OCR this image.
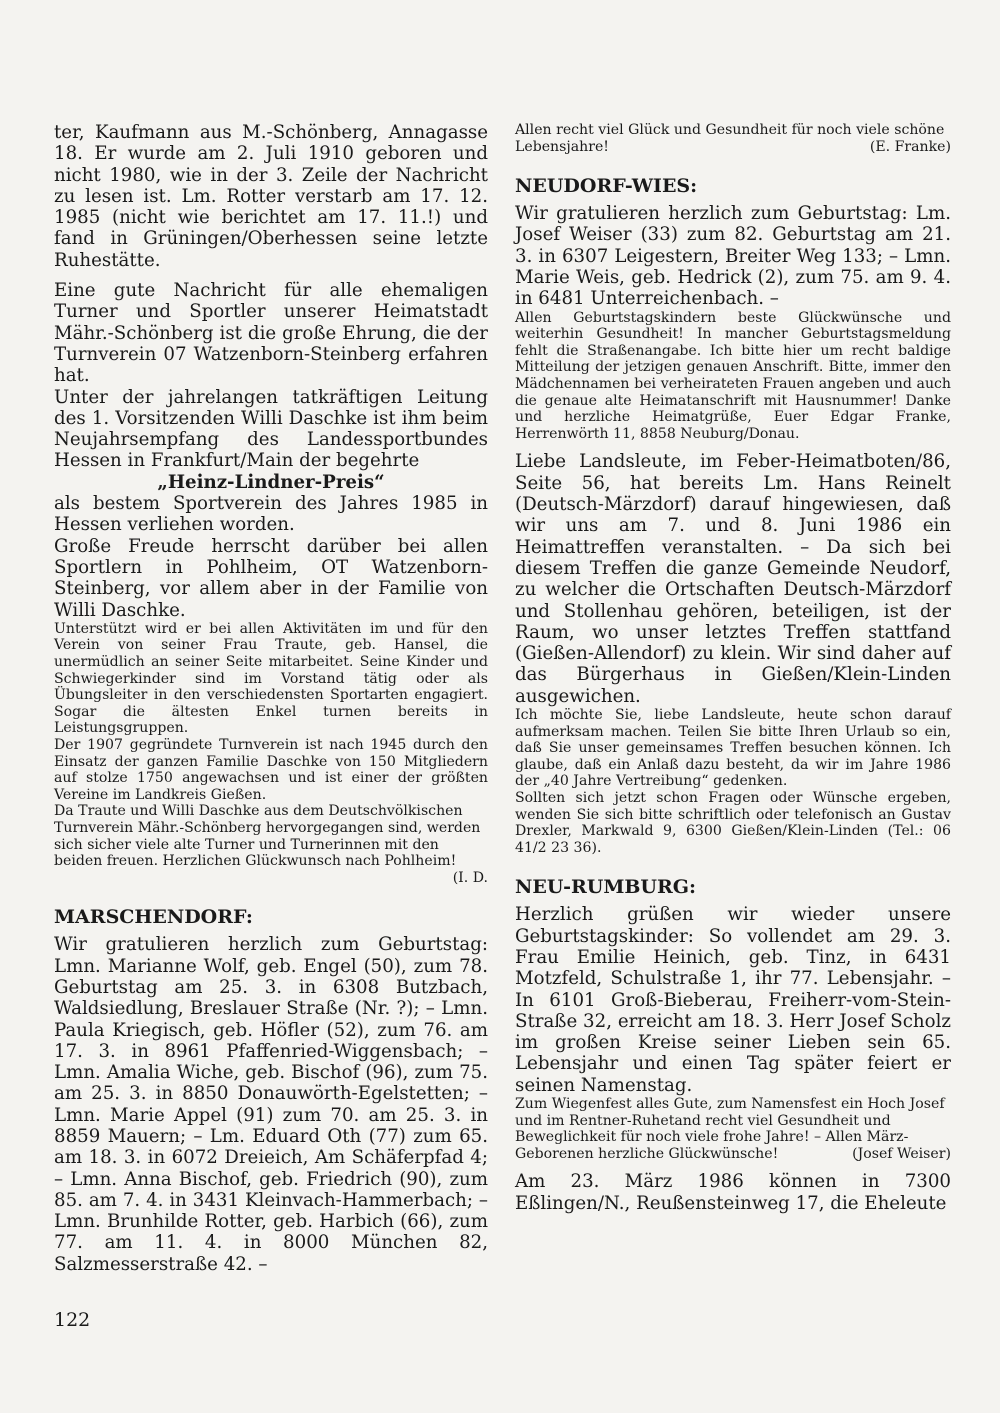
ter, Kaufmann aus M.-Schönberg, Annagasse 18. Er wurde am 2. Juli 1910 geboren und nicht 1980, wie in der 3. Zeile der Nachricht zu lesen ist. Lm. Rotter verstarb am 17. 12. 1985 (nicht wie berichtet am 17. 11.!) und fand in Grüningen/Oberhessen seine letzte Ruhestätte.

Eine gute Nachricht für alle ehemaligen Turner und Sportler unserer Heimatstadt Mähr.-Schönberg ist die große Ehrung, die der Turnverein 07 Watzenborn-Steinberg erfahren hat.

Unter der jahrelangen tatkräftigen Leitung des 1. Vorsitzenden Willi Daschke ist ihm beim Neujahrsempfang des Landessportbundes Hessen in Frankfurt/Main der begehrte

„Heinz-Lindner-Preis“

als bestem Sportverein des Jahres 1985 in Hessen verliehen worden.

Große Freude herrscht darüber bei allen Sportlern in Pohlheim, OT Watzenborn-Steinberg, vor allem aber in der Familie von Willi Daschke.

Unterstützt wird er bei allen Aktivitäten im und für den Verein von seiner Frau Traute, geb. Hansel, die unermüdlich an seiner Seite mitarbeitet. Seine Kinder und Schwiegerkinder sind im Vorstand tätig oder als Übungsleiter in den verschiedensten Sportarten engagiert. Sogar die ältesten Enkel turnen bereits in Leistungsgruppen.

Der 1907 gegründete Turnverein ist nach 1945 durch den Einsatz der ganzen Familie Daschke von 150 Mitgliedern auf stolze 1750 angewachsen und ist einer der größten Vereine im Landkreis Gießen.

Da Traute und Willi Daschke aus dem Deutschvölkischen Turnverein Mähr.-Schönberg hervorgegangen sind, werden sich sicher viele alte Turner und Turnerinnen mit den beiden freuen. Herzlichen Glückwunsch nach Pohlheim!
(I. D.
MARSCHENDORF:

Wir gratulieren herzlich zum Geburtstag: Lmn. Marianne Wolf, geb. Engel (50), zum 78. Geburtstag am 25. 3. in 6308 Butzbach, Waldsiedlung, Breslauer Straße (Nr. ?); – Lmn. Paula Kriegisch, geb. Höfler (52), zum 76. am 17. 3. in 8961 Pfaffenried-Wiggensbach; – Lmn. Amalia Wiche, geb. Bischof (96), zum 75. am 25. 3. in 8850 Donauwörth-Egelstetten; – Lmn. Marie Appel (91) zum 70. am 25. 3. in 8859 Mauern; – Lm. Eduard Oth (77) zum 65. am 18. 3. in 6072 Dreieich, Am Schäferpfad 4; – Lmn. Anna Bischof, geb. Friedrich (90), zum 85. am 7. 4. in 3431 Kleinvach-Hammerbach; – Lmn. Brunhilde Rotter, geb. Harbich (66), zum 77. am 11. 4. in 8000 München 82, Salzmesserstraße 42. –

Allen recht viel Glück und Gesundheit für noch viele schöne Lebensjahre!	(E. Franke)
NEUDORF-WIES:

Wir gratulieren herzlich zum Geburtstag: Lm. Josef Weiser (33) zum 82. Geburtstag am 21. 3. in 6307 Leigestern, Breiter Weg 133; – Lmn. Marie Weis, geb. Hedrick (2), zum 75. am 9. 4. in 6481 Unterreichenbach. –

Allen Geburtstagskindern beste Glückwünsche und weiterhin Gesundheit! In mancher Geburtstagsmeldung fehlt die Straßenangabe. Ich bitte hier um recht baldige Mitteilung der jetzigen genauen Anschrift. Bitte, immer den Mädchennamen bei verheirateten Frauen angeben und auch die genaue alte Heimatanschrift mit Hausnummer! Danke und herzliche Heimatgrüße, Euer Edgar Franke, Herrenwörth 11, 8858 Neuburg/Donau.

Liebe Landsleute, im Feber-Heimatboten/86, Seite 56, hat bereits Lm. Hans Reinelt (Deutsch-Märzdorf) darauf hingewiesen, daß wir uns am 7. und 8. Juni 1986 ein Heimattreffen veranstalten. – Da sich bei diesem Treffen die ganze Gemeinde Neudorf, zu welcher die Ortschaften Deutsch-Märzdorf und Stollenhau gehören, beteiligen, ist der Raum, wo unser letztes Treffen stattfand (Gießen-Allendorf) zu klein. Wir sind daher auf das Bürgerhaus in Gießen/Klein-Linden ausgewichen.

Ich möchte Sie, liebe Landsleute, heute schon darauf aufmerksam machen. Teilen Sie bitte Ihren Urlaub so ein, daß Sie unser gemeinsames Treffen besuchen können. Ich glaube, daß ein Anlaß dazu besteht, da wir im Jahre 1986 der „40 Jahre Vertreibung“ gedenken.

Sollten sich jetzt schon Fragen oder Wünsche ergeben, wenden Sie sich bitte schriftlich oder telefonisch an Gustav Drexler, Markwald 9, 6300 Gießen/Klein-Linden (Tel.: 06 41/2 23 36).

NEU-RUMBURG:

Herzlich grüßen wir wieder unsere Geburtstagskinder: So vollendet am 29. 3. Frau Emilie Heinich, geb. Tinz, in 6431 Motzfeld, Schulstraße 1, ihr 77. Lebensjahr. – In 6101 Groß-Bieberau, Freiherr-vom-Stein-Straße 32, erreicht am 18. 3. Herr Josef Scholz im großen Kreise seiner Lieben sein 65. Lebensjahr und einen Tag später feiert er seinen Namenstag.

Zum Wiegenfest alles Gute, zum Namensfest ein Hoch Josef und im Rentner-Ruhetand recht viel Gesundheit und Beweglichkeit für noch viele frohe Jahre! – Allen März-Geborenen herzliche Glückwünsche!	(Josef Weiser)

Am 23. März 1986 können in 7300 Eßlingen/N., Reußensteinweg 17, die Eheleute

122
